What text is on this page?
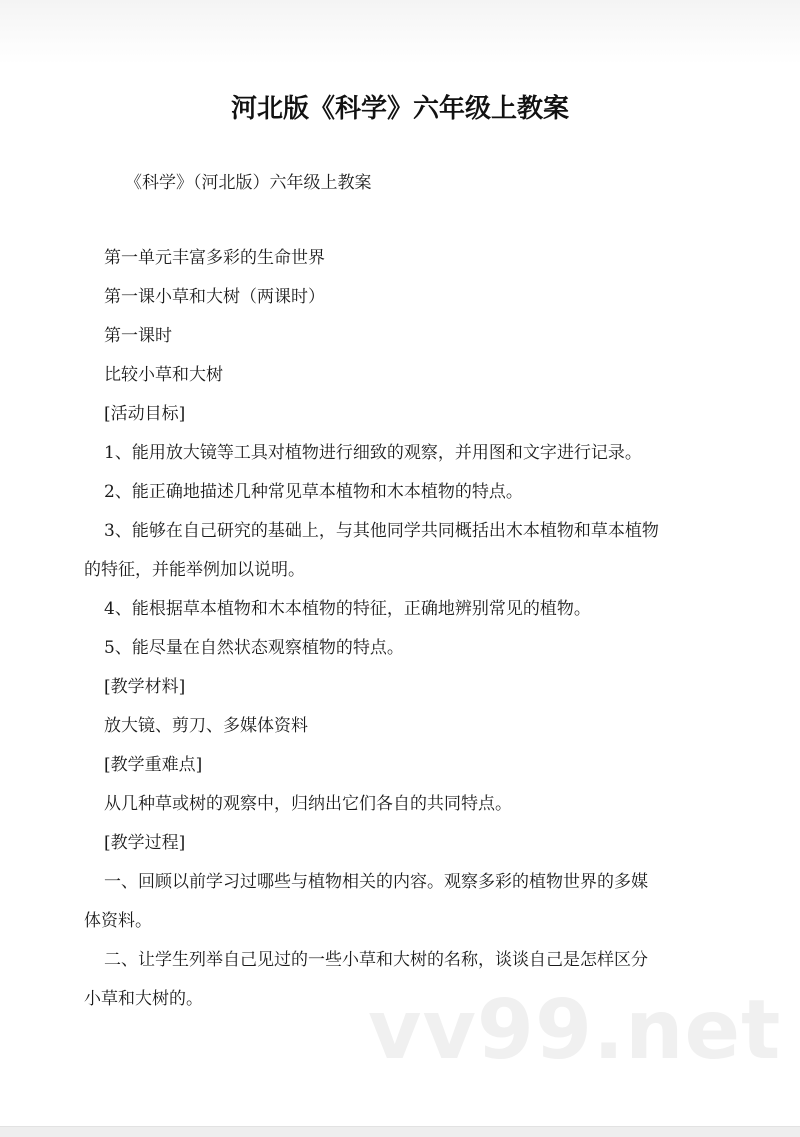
河北版《科学》六年级上教案

《科学》（河北版）六年级上教案

第一单元丰富多彩的生命世界

第一课小草和大树（两课时）

第一课时

比较小草和大树

[活动目标]

1、能用放大镜等工具对植物进行细致的观察，并用图和文字进行记录。

2、能正确地描述几种常见草本植物和木本植物的特点。

3、能够在自己研究的基础上，与其他同学共同概括出木本植物和草本植物

的特征，并能举例加以说明。

4、能根据草本植物和木本植物的特征，正确地辨别常见的植物。

5、能尽量在自然状态观察植物的特点。

[教学材料]

放大镜、剪刀、多媒体资料

[教学重难点]

从几种草或树的观察中，归纳出它们各自的共同特点。

[教学过程]

一、回顾以前学习过哪些与植物相关的内容。观察多彩的植物世界的多媒

体资料。

二、让学生列举自己见过的一些小草和大树的名称，谈谈自己是怎样区分

小草和大树的。 vv99.net
